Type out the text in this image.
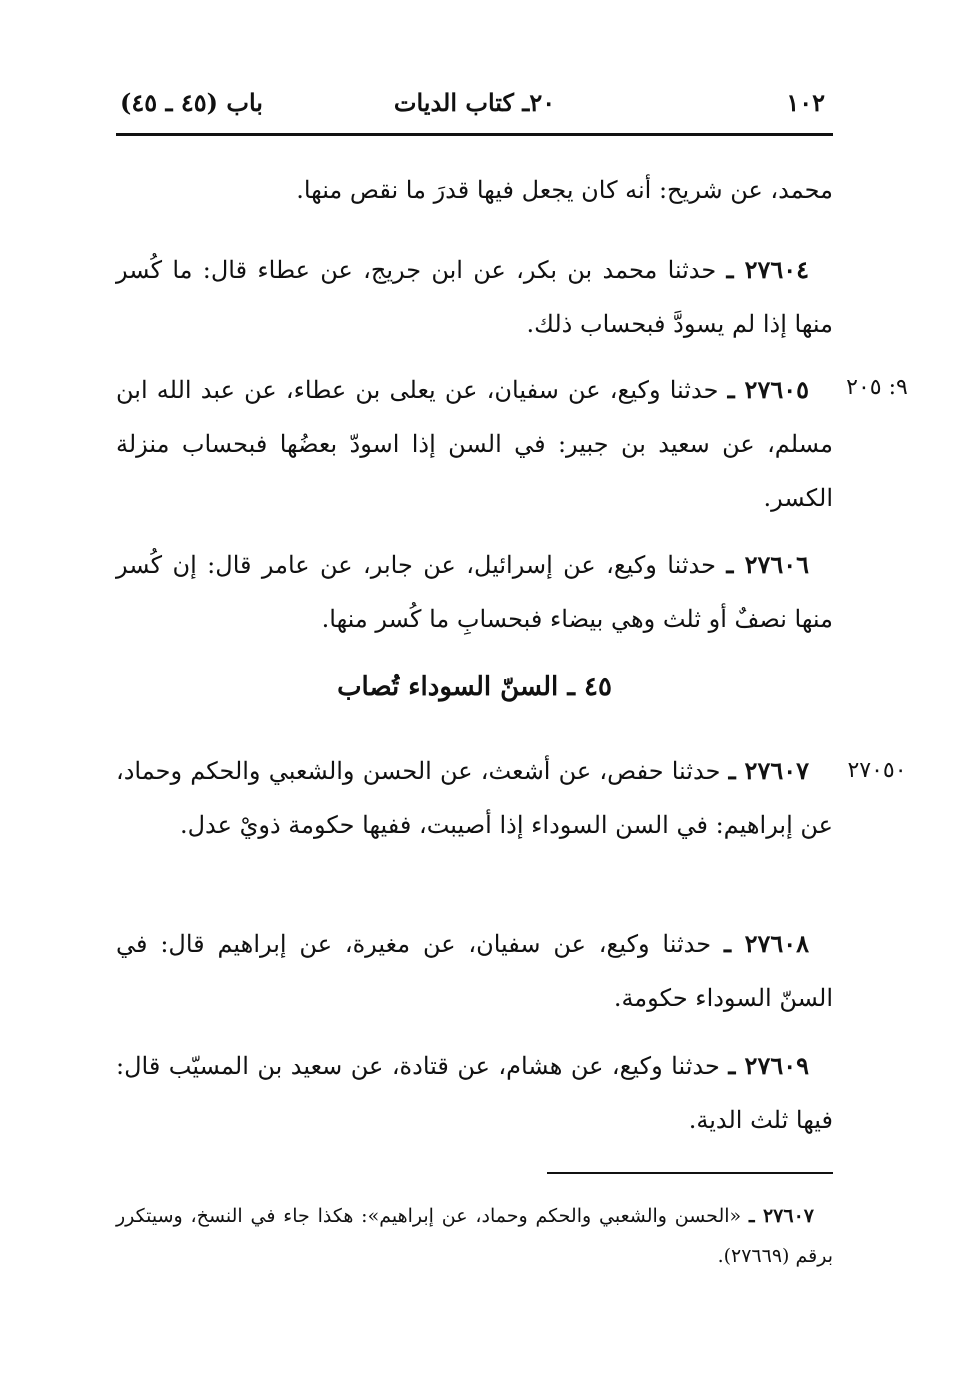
١٠٢
٢٠ـ كتاب الديات
باب (٤٥ ـ ٤٥)

محمد، عن شريح: أنه كان يجعل فيها قدرَ ما نقص منها.

 ٢٧٦٠٤ ـ حدثنا محمد بن بكر، عن ابن جريج، عن عطاء قال: ما كُسر منها إذا لم يسودَّ فبحساب ذلك.

٩: ٢٠٥

 ٢٧٦٠٥ ـ حدثنا وكيع، عن سفيان، عن يعلى بن عطاء، عن عبد الله ابن مسلم، عن سعيد بن جبير: في السن إذا اسودّ بعضُها فبحساب منزلة الكسر.

 ٢٧٦٠٦ ـ حدثنا وكيع، عن إسرائيل، عن جابر، عن عامر قال: إن كُسر منها نصفٌ أو ثلث وهي بيضاء فبحسابِ ما كُسر منها.

٤٥ ـ السنّ السوداء تُصاب
٢٧٠٥٠

 ٢٧٦٠٧ ـ حدثنا حفص، عن أشعث، عن الحسن والشعبي والحكم وحماد، عن إبراهيم: في السن السوداء إذا أصيبت، ففيها حكومة ذويْ عدل.

 ٢٧٦٠٨ ـ حدثنا وكيع، عن سفيان، عن مغيرة، عن إبراهيم قال: في السنّ السوداء حكومة.

 ٢٧٦٠٩ ـ حدثنا وكيع، عن هشام، عن قتادة، عن سعيد بن المسيّب قال: فيها ثلث الدية.

 ٢٧٦٠٧ ـ «الحسن والشعبي والحكم وحماد، عن إبراهيم»: هكذا جاء في النسخ، وسيتكرر برقم (٢٧٦٦٩).
